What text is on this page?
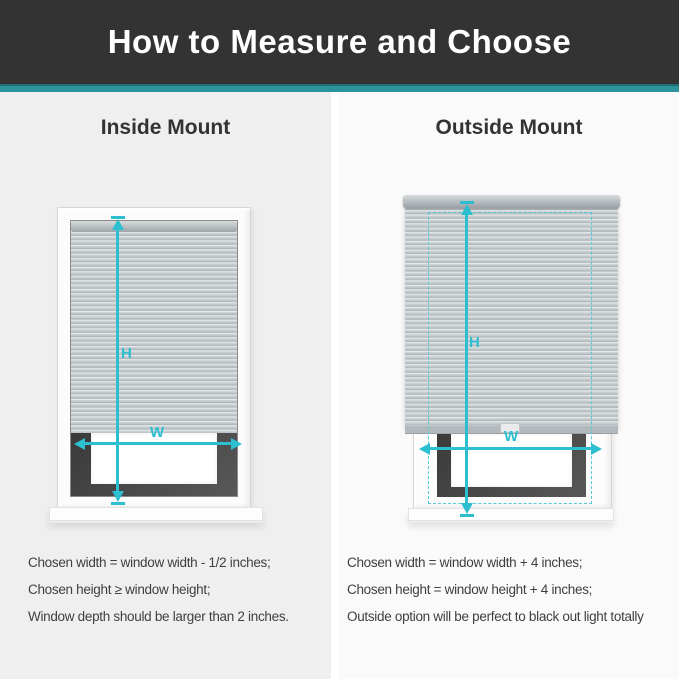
How to Measure and Choose
Inside Mount
H
W
Chosen width = window width - 1/2 inches;
Chosen height ≥ window height;
Window depth should be larger than 2 inches.
Outside Mount
H
W
Chosen width = window width + 4 inches;
Chosen height = window height + 4 inches;
Outside option will be perfect to black out light totally
